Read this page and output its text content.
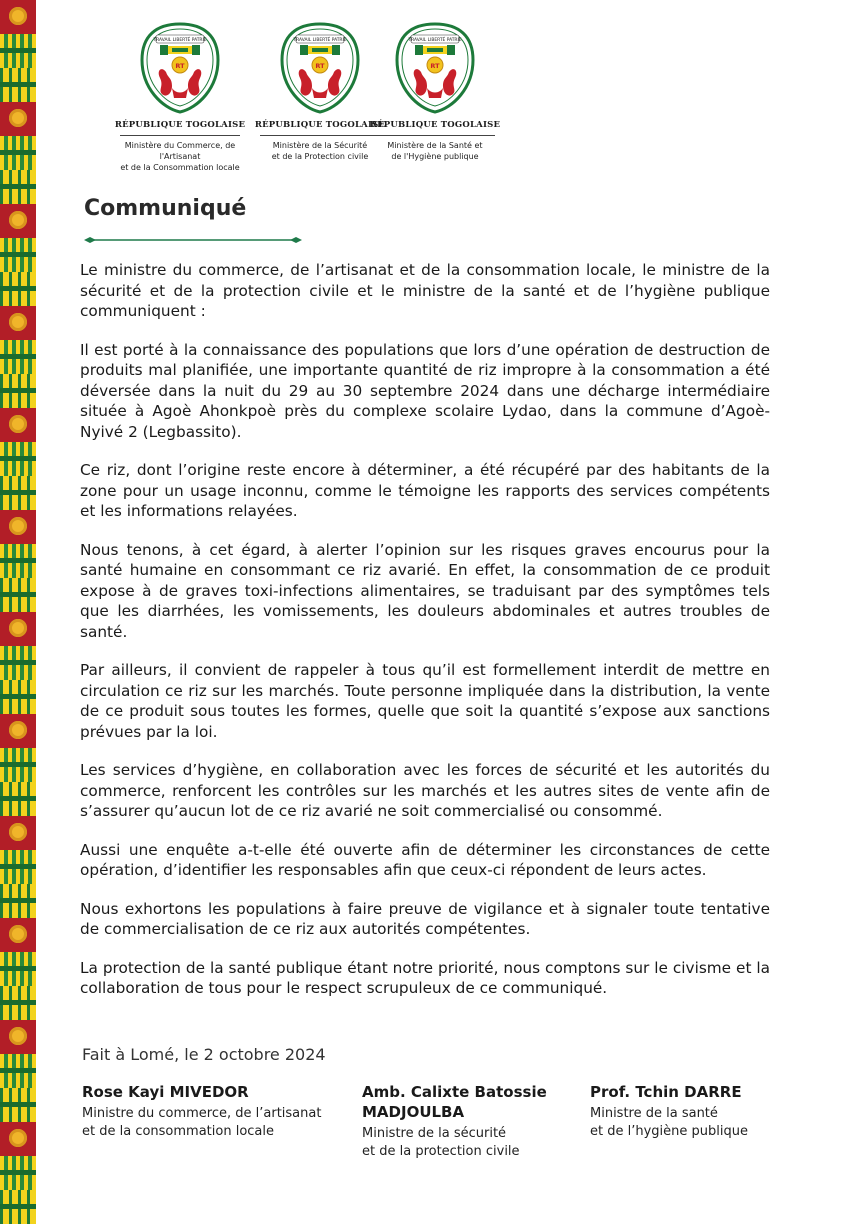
TRAVAIL LIBERTÉ PATRIE
RT
RÉPUBLIQUE TOGOLAISE
Ministère du Commerce, de l'Artisanat
et de la Consommation locale
TRAVAIL LIBERTÉ PATRIE
RT
RÉPUBLIQUE TOGOLAISE
Ministère de la Sécurité
et de la Protection civile
TRAVAIL LIBERTÉ PATRIE
RT
RÉPUBLIQUE TOGOLAISE
Ministère de la Santé et
de l'Hygiène publique
Communiqué

Le ministre du commerce, de l’artisanat et de la consommation locale, le ministre de la sécurité et de la protection civile et le ministre de la santé et de l’hygiène publique communiquent :

Il est porté à la connaissance des populations que lors d’une opération de destruction de produits mal planifiée, une importante quantité de riz impropre à la consommation a été déversée dans la nuit du 29 au 30 septembre 2024 dans une décharge intermédiaire située à Agoè Ahonkpoè près du complexe scolaire Lydao, dans la commune d’Agoè-Nyivé 2 (Legbassito).

Ce riz, dont l’origine reste encore à déterminer, a été récupéré par des habitants de la zone pour un usage inconnu, comme le témoigne les rapports des services compétents et les informations relayées.

Nous tenons, à cet égard, à alerter l’opinion sur les risques graves encourus pour la santé humaine en consommant ce riz avarié. En effet, la consommation de ce produit expose à de graves toxi-infections alimentaires, se traduisant par des symptômes tels que les diarrhées, les vomissements, les douleurs abdominales et autres troubles de santé.

Par ailleurs, il convient de rappeler à tous qu’il est formellement interdit de mettre en circulation ce riz sur les marchés. Toute personne impliquée dans la distribution, la vente de ce produit sous toutes les formes, quelle que soit la quantité s’expose aux sanctions prévues par la loi.

Les services d’hygiène, en collaboration avec les forces de sécurité et les autorités du commerce, renforcent les contrôles sur les marchés et les autres sites de vente afin de s’assurer qu’aucun lot de ce riz avarié ne soit commercialisé ou consommé.

Aussi une enquête a-t-elle été ouverte afin de déterminer les circonstances de cette opération, d’identifier les responsables afin que ceux-ci répondent de leurs actes.

Nous exhortons les populations à faire preuve de vigilance et à signaler toute tentative de commercialisation de ce riz aux autorités compétentes.

La protection de la santé publique étant notre priorité, nous comptons sur le civisme et la collaboration de tous pour le respect scrupuleux de ce communiqué.

Fait à Lomé, le 2 octobre 2024
Rose Kayi MIVEDOR
Ministre du commerce, de l’artisanat
et de la consommation locale
Amb. Calixte Batossie
MADJOULBA
Ministre de la sécurité
et de la protection civile
Prof. Tchin DARRE
Ministre de la santé
et de l’hygiène publique
